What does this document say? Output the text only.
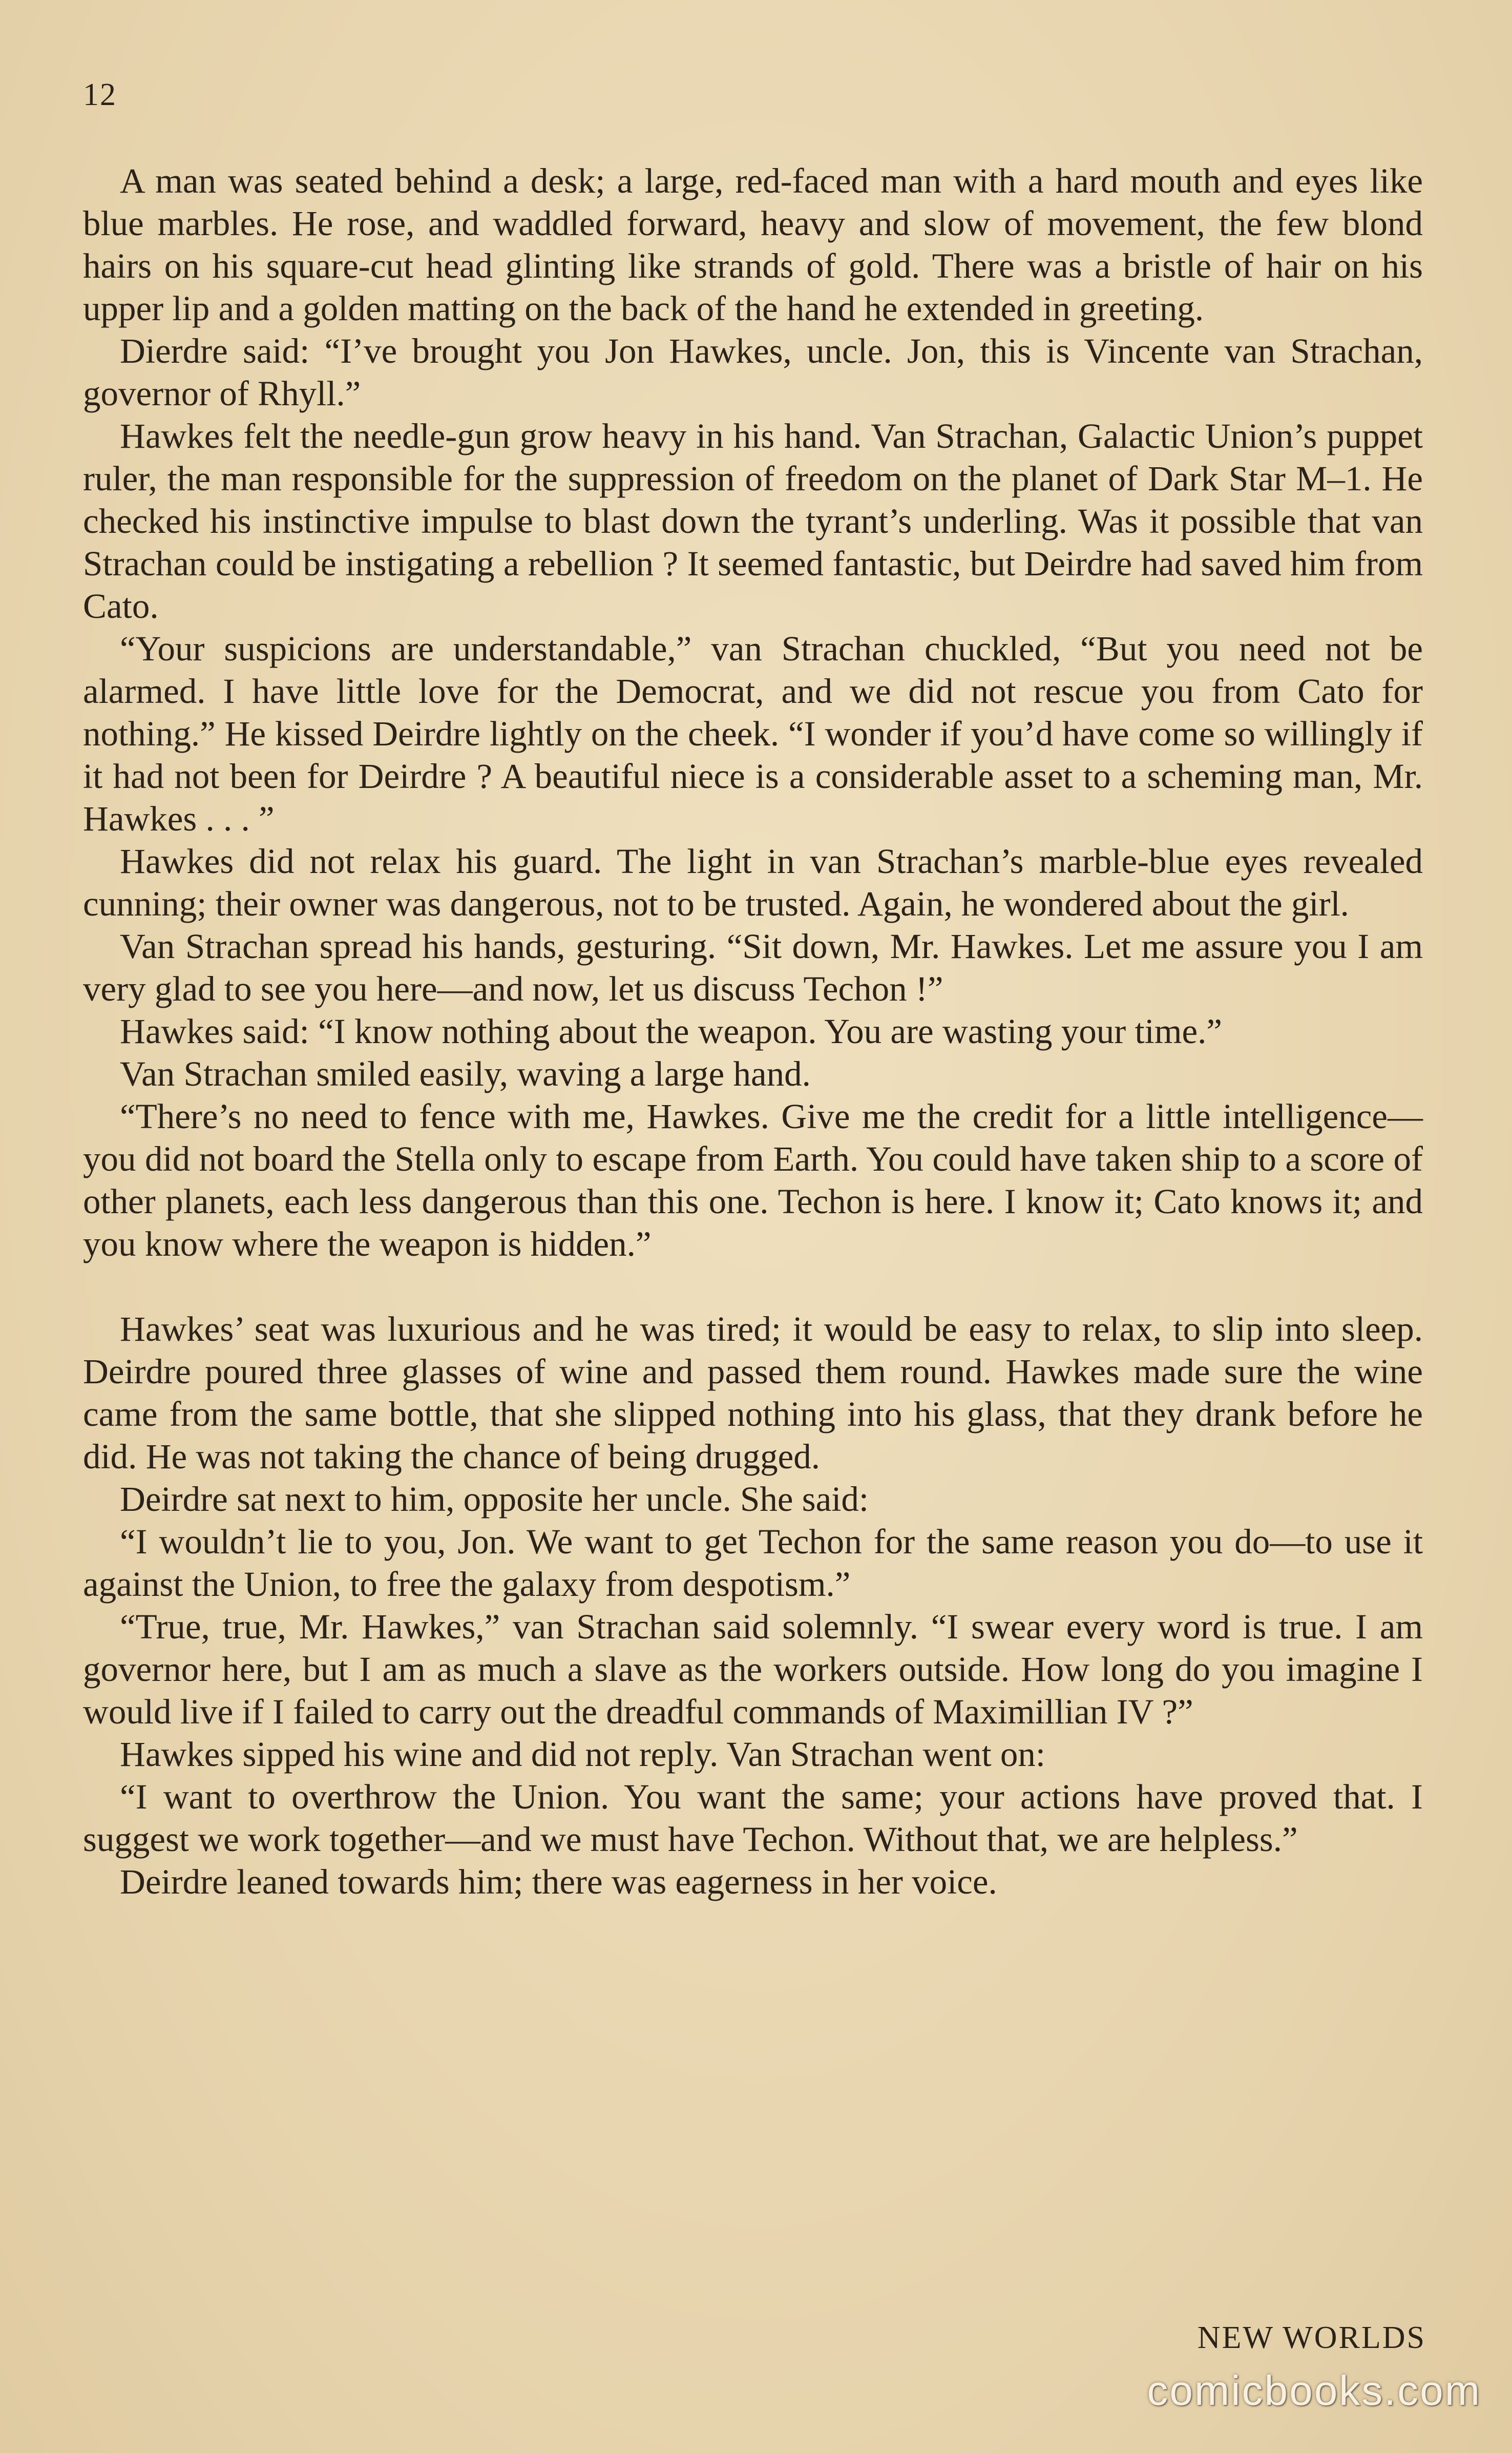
12

A man was seated behind a desk; a large, red-faced man with a hard mouth and eyes like blue marbles. He rose, and waddled forward, heavy and slow of movement, the few blond hairs on his square-cut head glinting like strands of gold. There was a bristle of hair on his upper lip and a golden matting on the back of the hand he extended in greeting.

Dierdre said: “I’ve brought you Jon Hawkes, uncle. Jon, this is Vincente van Strachan, governor of Rhyll.”

Hawkes felt the needle-gun grow heavy in his hand. Van Strachan, Galactic Union’s puppet ruler, the man responsible for the suppression of freedom on the planet of Dark Star M–1. He checked his instinctive impulse to blast down the tyrant’s underling. Was it possible that van Strachan could be instigating a rebellion ? It seemed fantastic, but Deirdre had saved him from Cato.

“Your suspicions are understandable,” van Strachan chuckled, “But you need not be alarmed. I have little love for the Democrat, and we did not rescue you from Cato for nothing.” He kissed Deirdre lightly on the cheek. “I wonder if you’d have come so willingly if it had not been for Deirdre ? A beautiful niece is a considerable asset to a scheming man, Mr. Hawkes . . . ”

Hawkes did not relax his guard. The light in van Strachan’s marble-blue eyes revealed cunning; their owner was dangerous, not to be trusted. Again, he wondered about the girl.

Van Strachan spread his hands, gesturing. “Sit down, Mr. Hawkes. Let me assure you I am very glad to see you here—and now, let us discuss Techon !”

Hawkes said: “I know nothing about the weapon. You are wasting your time.”

Van Strachan smiled easily, waving a large hand.

“There’s no need to fence with me, Hawkes. Give me the credit for a little intelligence—you did not board the Stella only to escape from Earth. You could have taken ship to a score of other planets, each less dangerous than this one. Techon is here. I know it; Cato knows it; and you know where the weapon is hidden.”

Hawkes’ seat was luxurious and he was tired; it would be easy to relax, to slip into sleep. Deirdre poured three glasses of wine and passed them round. Hawkes made sure the wine came from the same bottle, that she slipped nothing into his glass, that they drank before he did. He was not taking the chance of being drugged.

Deirdre sat next to him, opposite her uncle. She said:

“I wouldn’t lie to you, Jon. We want to get Techon for the same reason you do—to use it against the Union, to free the galaxy from despotism.”

“True, true, Mr. Hawkes,” van Strachan said solemnly. “I swear every word is true. I am governor here, but I am as much a slave as the workers outside. How long do you imagine I would live if I failed to carry out the dreadful commands of Maximillian IV ?”

Hawkes sipped his wine and did not reply. Van Strachan went on:

“I want to overthrow the Union. You want the same; your actions have proved that. I suggest we work together—and we must have Techon. Without that, we are helpless.”

Deirdre leaned towards him; there was eagerness in her voice.

NEW WORLDS
comicbooks.com
